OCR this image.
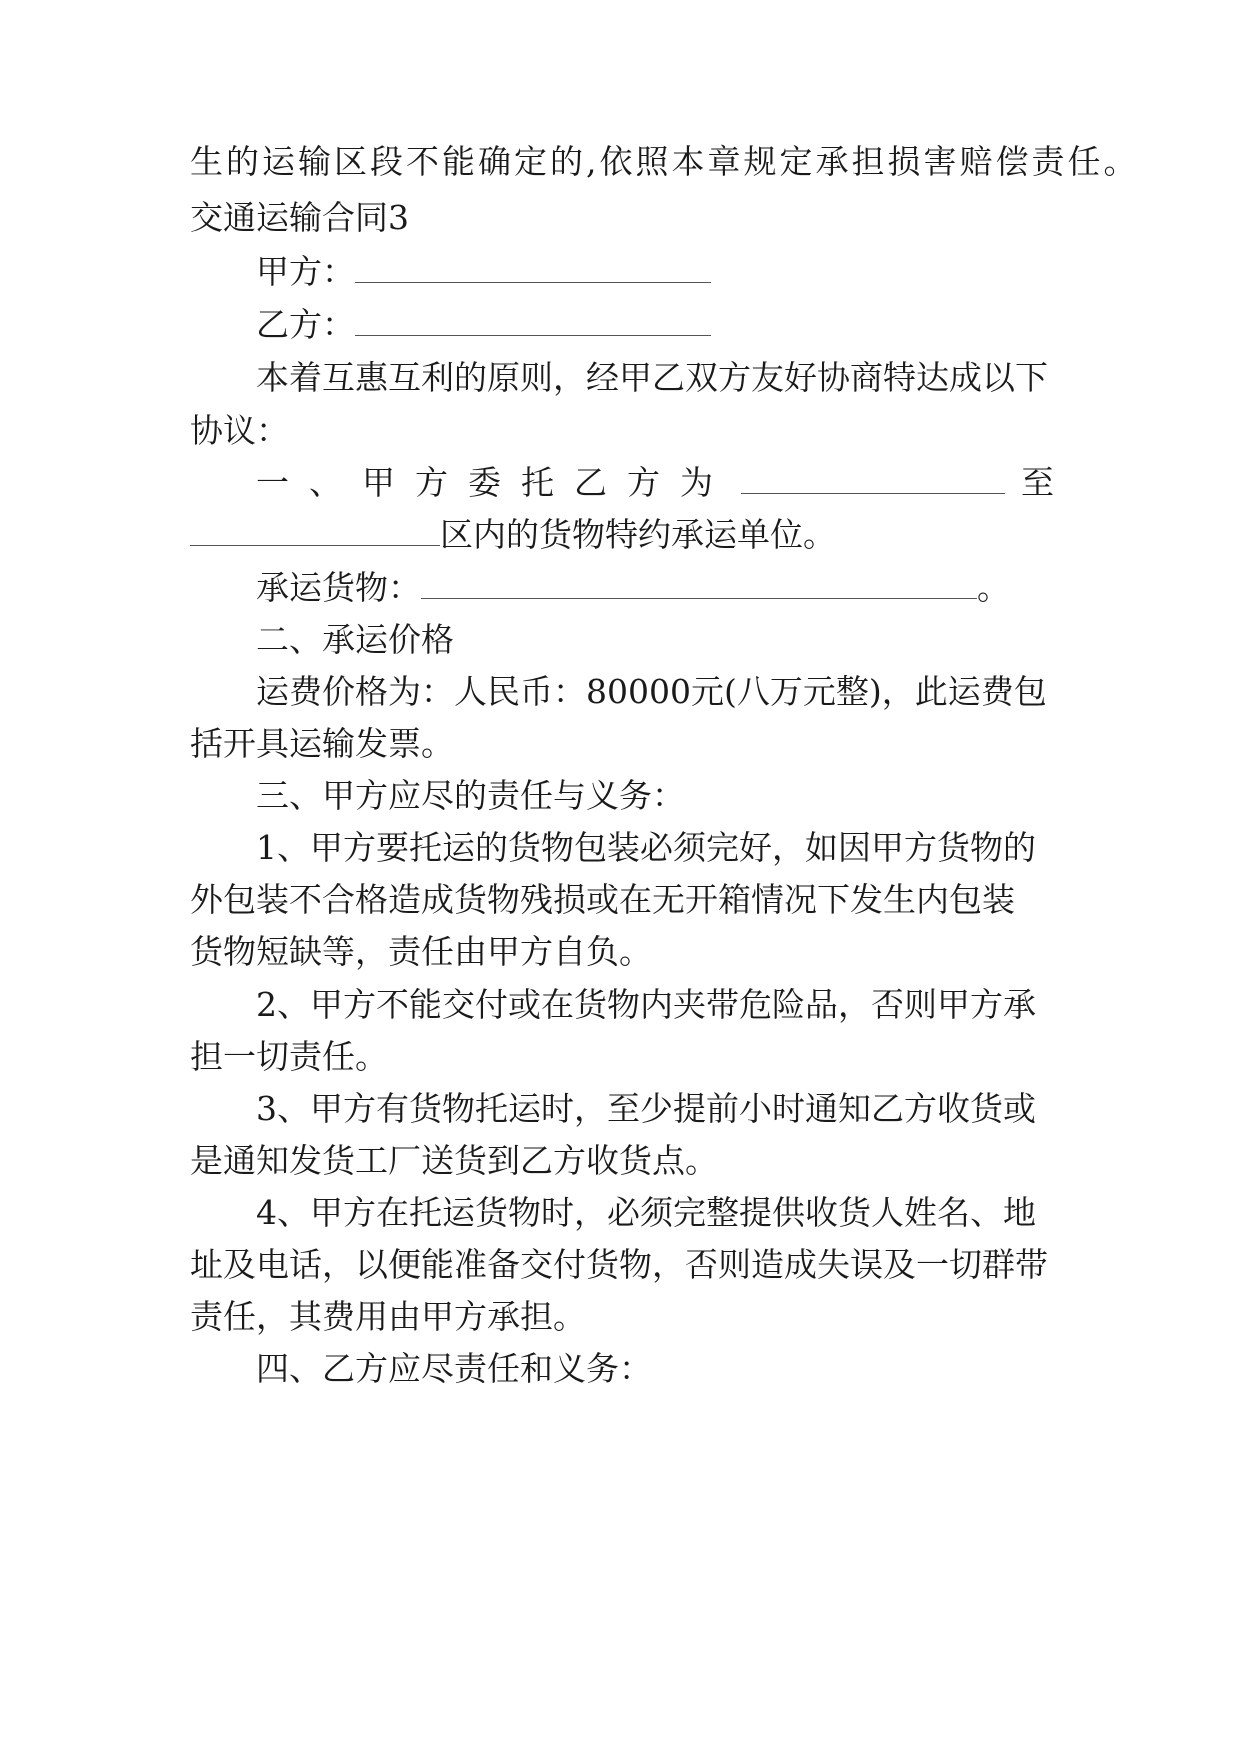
生的运输区段不能确定的,依照本章规定承担损害赔偿责任。
交通运输合同3
甲方：
乙方：
本着互惠互利的原则，经甲乙双方友好协商特达成以下
协议：
一、甲方委托乙方为	至
区内的货物特约承运单位。
承运货物：	。
二、承运价格
运费价格为：人民币：80000元(八万元整)，此运费包
括开具运输发票。
三、甲方应尽的责任与义务：
1、甲方要托运的货物包装必须完好，如因甲方货物的
外包装不合格造成货物残损或在无开箱情况下发生内包装
货物短缺等，责任由甲方自负。
2、甲方不能交付或在货物内夹带危险品，否则甲方承
担一切责任。
3、甲方有货物托运时，至少提前小时通知乙方收货或
是通知发货工厂送货到乙方收货点。
4、甲方在托运货物时，必须完整提供收货人姓名、地
址及电话，以便能准备交付货物，否则造成失误及一切群带
责任，其费用由甲方承担。
四、乙方应尽责任和义务：
